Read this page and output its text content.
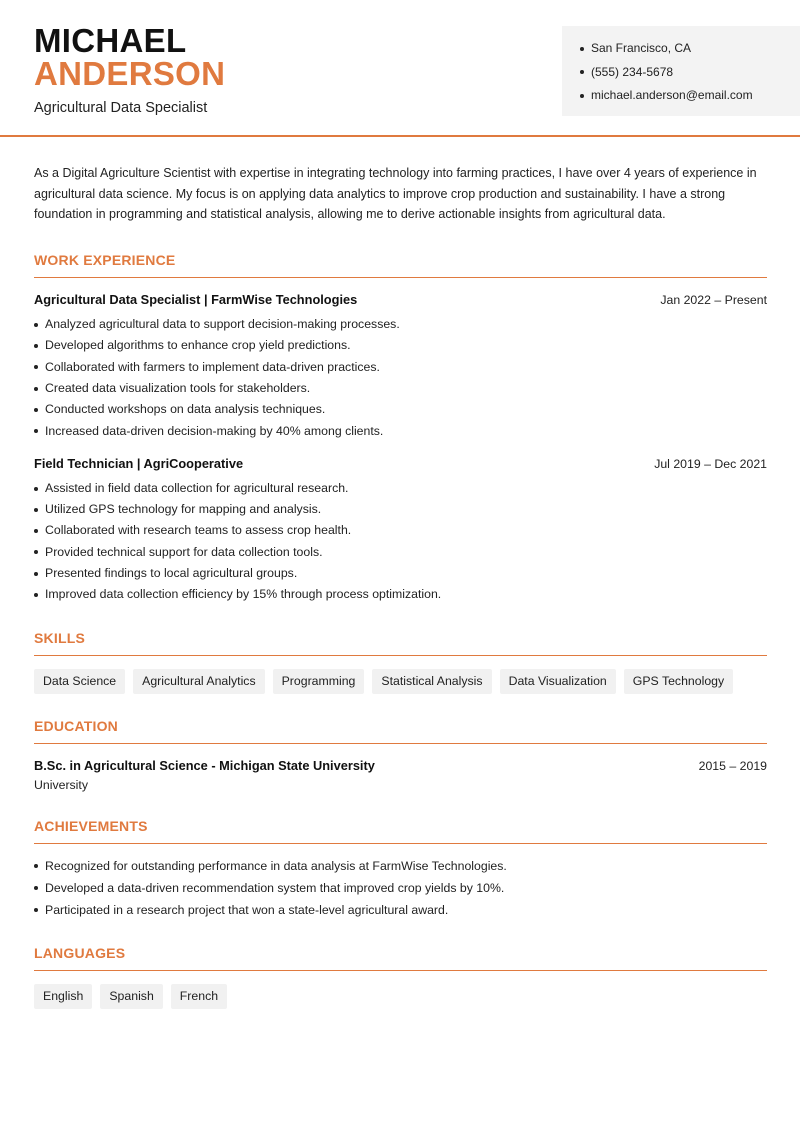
MICHAEL
ANDERSON
Agricultural Data Specialist
San Francisco, CA
(555) 234-5678
michael.anderson@email.com

As a Digital Agriculture Scientist with expertise in integrating technology into farming practices, I have over 4 years of experience in agricultural data science. My focus is on applying data analytics to improve crop production and sustainability. I have a strong foundation in programming and statistical analysis, allowing me to derive actionable insights from agricultural data.

WORK EXPERIENCE
Agricultural Data Specialist | FarmWise Technologies	Jan 2022 – Present
Analyzed agricultural data to support decision-making processes.
Developed algorithms to enhance crop yield predictions.
Collaborated with farmers to implement data-driven practices.
Created data visualization tools for stakeholders.
Conducted workshops on data analysis techniques.
Increased data-driven decision-making by 40% among clients.
Field Technician | AgriCooperative	Jul 2019 – Dec 2021
Assisted in field data collection for agricultural research.
Utilized GPS technology for mapping and analysis.
Collaborated with research teams to assess crop health.
Provided technical support for data collection tools.
Presented findings to local agricultural groups.
Improved data collection efficiency by 15% through process optimization.
SKILLS
Data Science	Agricultural Analytics	Programming	Statistical Analysis	Data Visualization	GPS Technology
EDUCATION
B.Sc. in Agricultural Science - Michigan State University	2015 – 2019
University
ACHIEVEMENTS
Recognized for outstanding performance in data analysis at FarmWise Technologies.
Developed a data-driven recommendation system that improved crop yields by 10%.
Participated in a research project that won a state-level agricultural award.
LANGUAGES
English	Spanish	French
